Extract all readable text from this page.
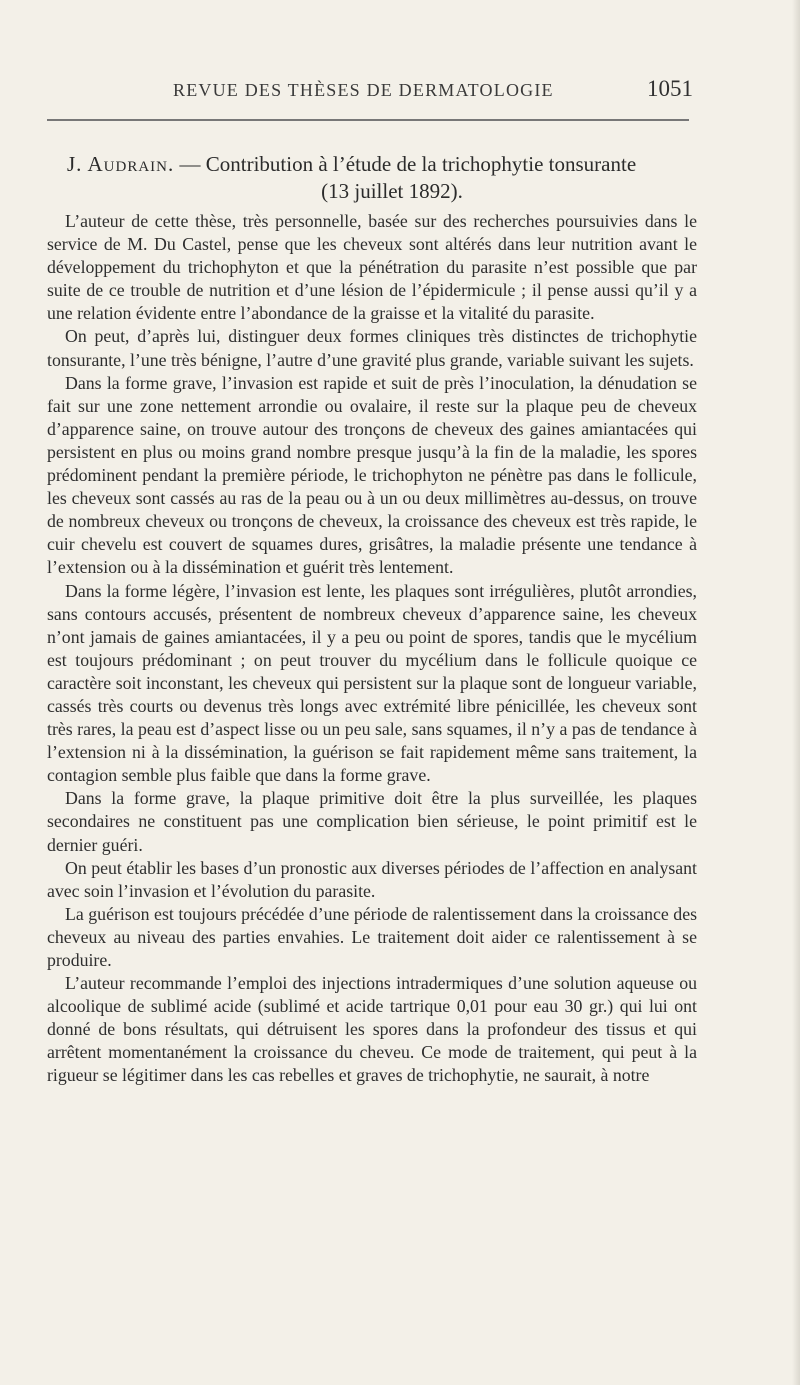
REVUE DES THÈSES DE DERMATOLOGIE	1051
J. Audrain. — Contribution à l’étude de la trichophytie tonsurante
(13 juillet 1892).

L’auteur de cette thèse, très personnelle, basée sur des recherches poursuivies dans le service de M. Du Castel, pense que les cheveux sont altérés dans leur nutrition avant le développement du trichophyton et que la pénétration du parasite n’est possible que par suite de ce trouble de nutrition et d’une lésion de l’épidermicule ; il pense aussi qu’il y a une relation évidente entre l’abondance de la graisse et la vitalité du parasite.

On peut, d’après lui, distinguer deux formes cliniques très distinctes de trichophytie tonsurante, l’une très bénigne, l’autre d’une gravité plus grande, variable suivant les sujets.

Dans la forme grave, l’invasion est rapide et suit de près l’inoculation, la dénudation se fait sur une zone nettement arrondie ou ovalaire, il reste sur la plaque peu de cheveux d’apparence saine, on trouve autour des tronçons de cheveux des gaines amiantacées qui persistent en plus ou moins grand nombre presque jusqu’à la fin de la maladie, les spores prédominent pendant la première période, le trichophyton ne pénètre pas dans le follicule, les cheveux sont cassés au ras de la peau ou à un ou deux millimètres au-dessus, on trouve de nombreux cheveux ou tronçons de cheveux, la croissance des cheveux est très rapide, le cuir chevelu est couvert de squames dures, grisâtres, la maladie présente une tendance à l’extension ou à la dissémination et guérit très lentement.

Dans la forme légère, l’invasion est lente, les plaques sont irrégulières, plutôt arrondies, sans contours accusés, présentent de nombreux cheveux d’apparence saine, les cheveux n’ont jamais de gaines amiantacées, il y a peu ou point de spores, tandis que le mycélium est toujours prédominant ; on peut trouver du mycélium dans le follicule quoique ce caractère soit inconstant, les cheveux qui persistent sur la plaque sont de longueur variable, cassés très courts ou devenus très longs avec extrémité libre pénicillée, les cheveux sont très rares, la peau est d’aspect lisse ou un peu sale, sans squames, il n’y a pas de tendance à l’extension ni à la dissémination, la guérison se fait rapidement même sans traitement, la contagion semble plus faible que dans la forme grave.

Dans la forme grave, la plaque primitive doit être la plus surveillée, les plaques secondaires ne constituent pas une complication bien sérieuse, le point primitif est le dernier guéri.

On peut établir les bases d’un pronostic aux diverses périodes de l’affection en analysant avec soin l’invasion et l’évolution du parasite.

La guérison est toujours précédée d’une période de ralentissement dans la croissance des cheveux au niveau des parties envahies. Le traitement doit aider ce ralentissement à se produire.

L’auteur recommande l’emploi des injections intradermiques d’une solution aqueuse ou alcoolique de sublimé acide (sublimé et acide tartrique 0,01 pour eau 30 gr.) qui lui ont donné de bons résultats, qui détruisent les spores dans la profondeur des tissus et qui arrêtent momentanément la croissance du cheveu. Ce mode de traitement, qui peut à la rigueur se légitimer dans les cas rebelles et graves de trichophytie, ne saurait, à notre
